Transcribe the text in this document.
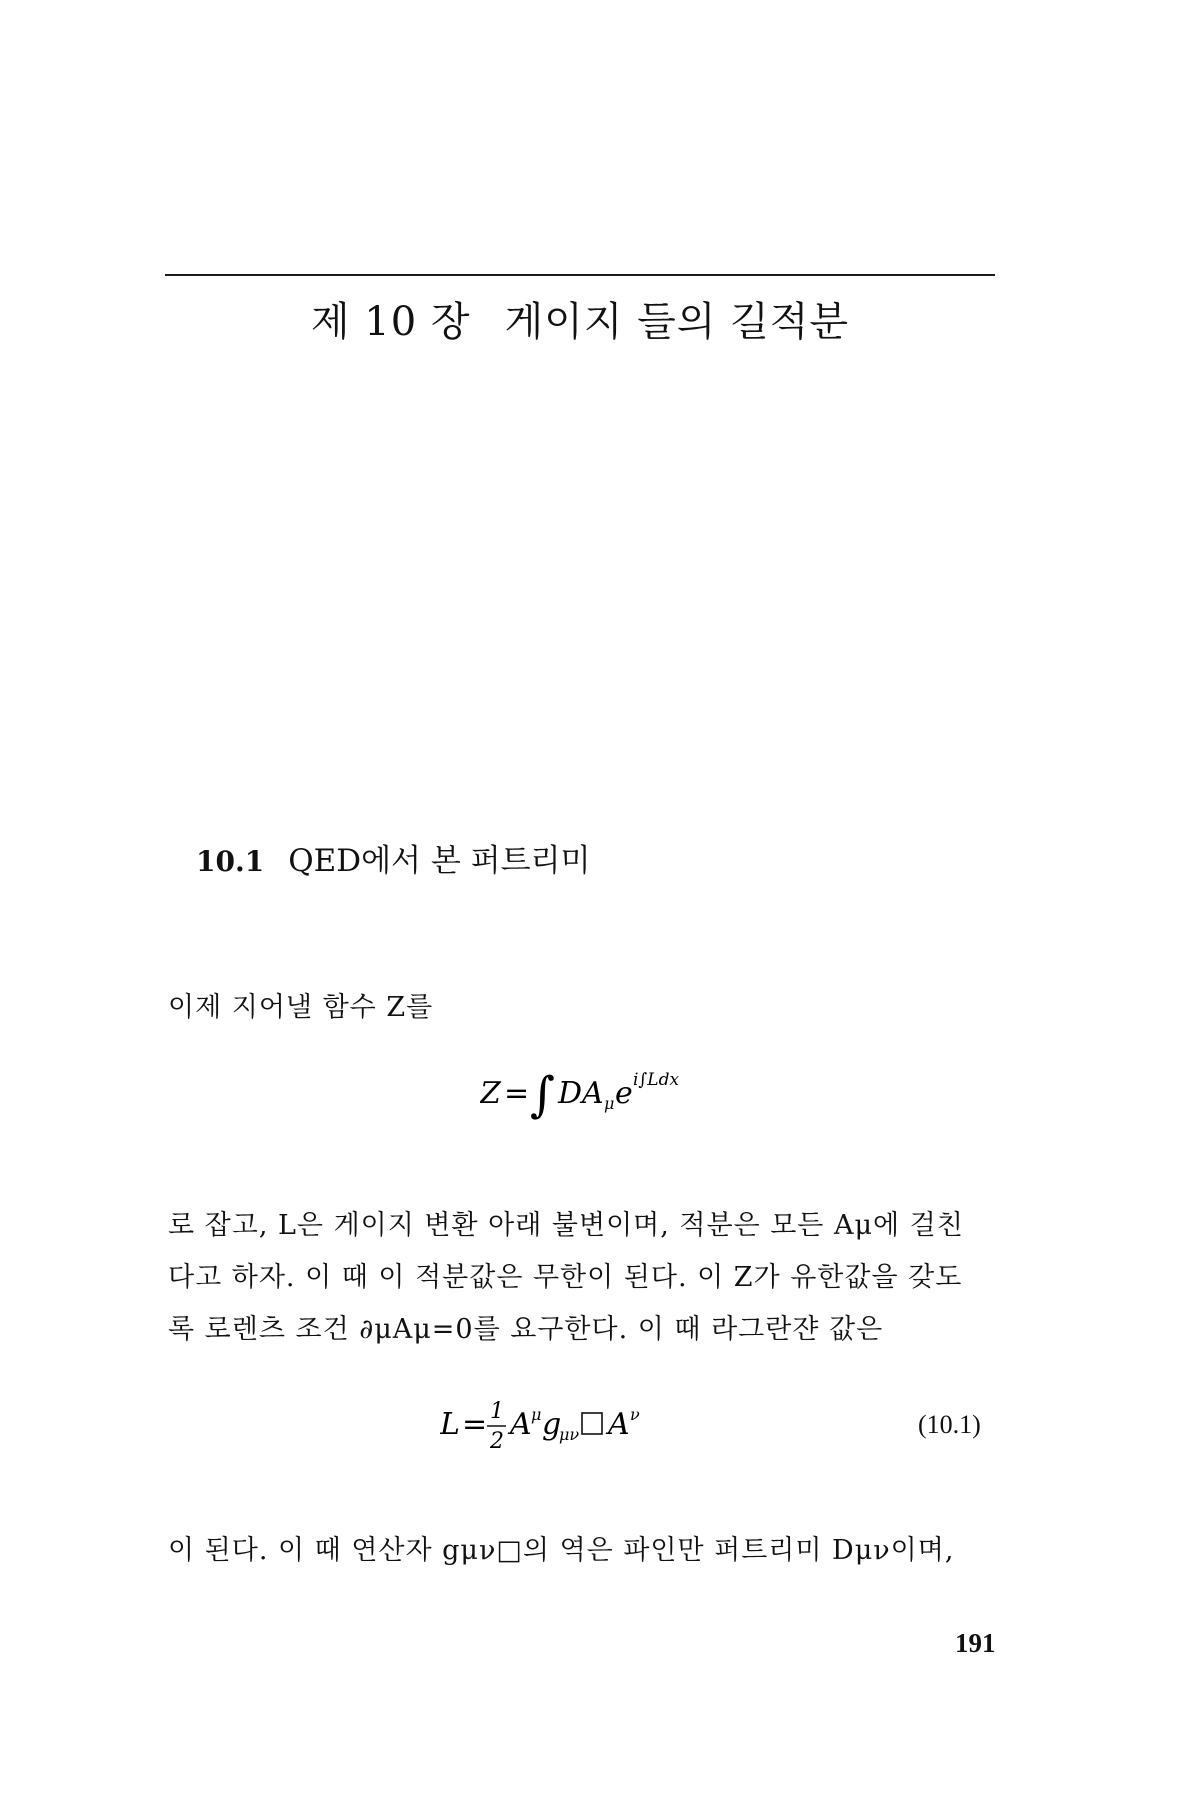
제 10 장 게이지 들의 길적분
10.1 QED에서 본 퍼트리미
이제 지어낼 함수 Z를
Z = ∫ DA μ e i∫Ldx
로 잡고, L은 게이지 변환 아래 불변이며, 적분은 모든 Aμ에 걸친
다고 하자. 이 때 이 적분값은 무한이 된다. 이 Z가 유한값을 갖도
록 로렌츠 조건 ∂μAμ=0를 요구한다. 이 때 라그란쟌 값은
L = 1
2 A μ g
μν A ν	(10.1)
이 된다. 이 때 연산자 gμν□의 역은 파인만 퍼트리미 Dμν이며,
191
